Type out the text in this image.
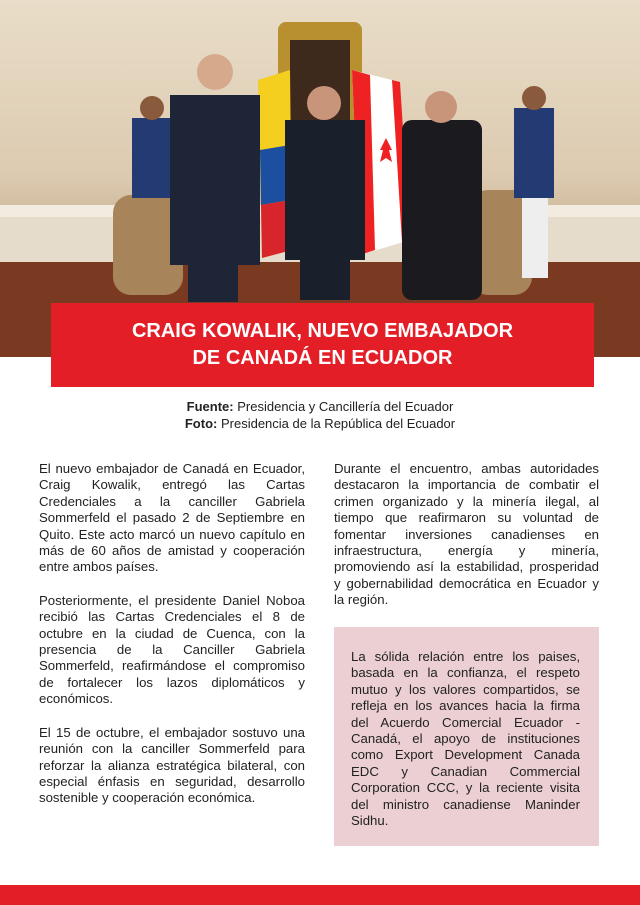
CRAIG KOWALIK, NUEVO EMBAJADOR
DE CANADÁ EN ECUADOR
Fuente: Presidencia y Cancillería del Ecuador
Foto: Presidencia de la República del Ecuador

El nuevo embajador de Canadá en Ecuador, Craig Kowalik, entregó las Cartas Credenciales a la canciller Gabriela Sommerfeld el pasado 2 de Septiembre en Quito. Este acto marcó un nuevo capítulo en más de 60 años de amistad y cooperación entre ambos países.

Posteriormente, el presidente Daniel Noboa recibió las Cartas Credenciales el 8 de octubre en la ciudad de Cuenca, con la presencia de la Canciller Gabriela Sommerfeld, reafirmándose el compromiso de fortalecer los lazos diplomáticos y económicos.

El 15 de octubre, el embajador sostuvo una reunión con la canciller Sommerfeld para reforzar la alianza estratégica bilateral, con especial énfasis en seguridad, desarrollo sostenible y cooperación económica.

Durante el encuentro, ambas autoridades destacaron la importancia de combatir el crimen organizado y la minería ilegal, al tiempo que reafirmaron su voluntad de fomentar inversiones canadienses en infraestructura, energía y minería, promoviendo así la estabilidad, prosperidad y gobernabilidad democrática en Ecuador y la región.

La sólida relación entre los paises, basada en la confianza, el respeto mutuo y los valores compartidos, se refleja en los avances hacia la firma del Acuerdo Comercial Ecuador - Canadá, el apoyo de instituciones como Export Development Canada EDC y Canadian Commercial Corporation CCC, y la reciente visita del ministro canadiense Maninder Sidhu.
